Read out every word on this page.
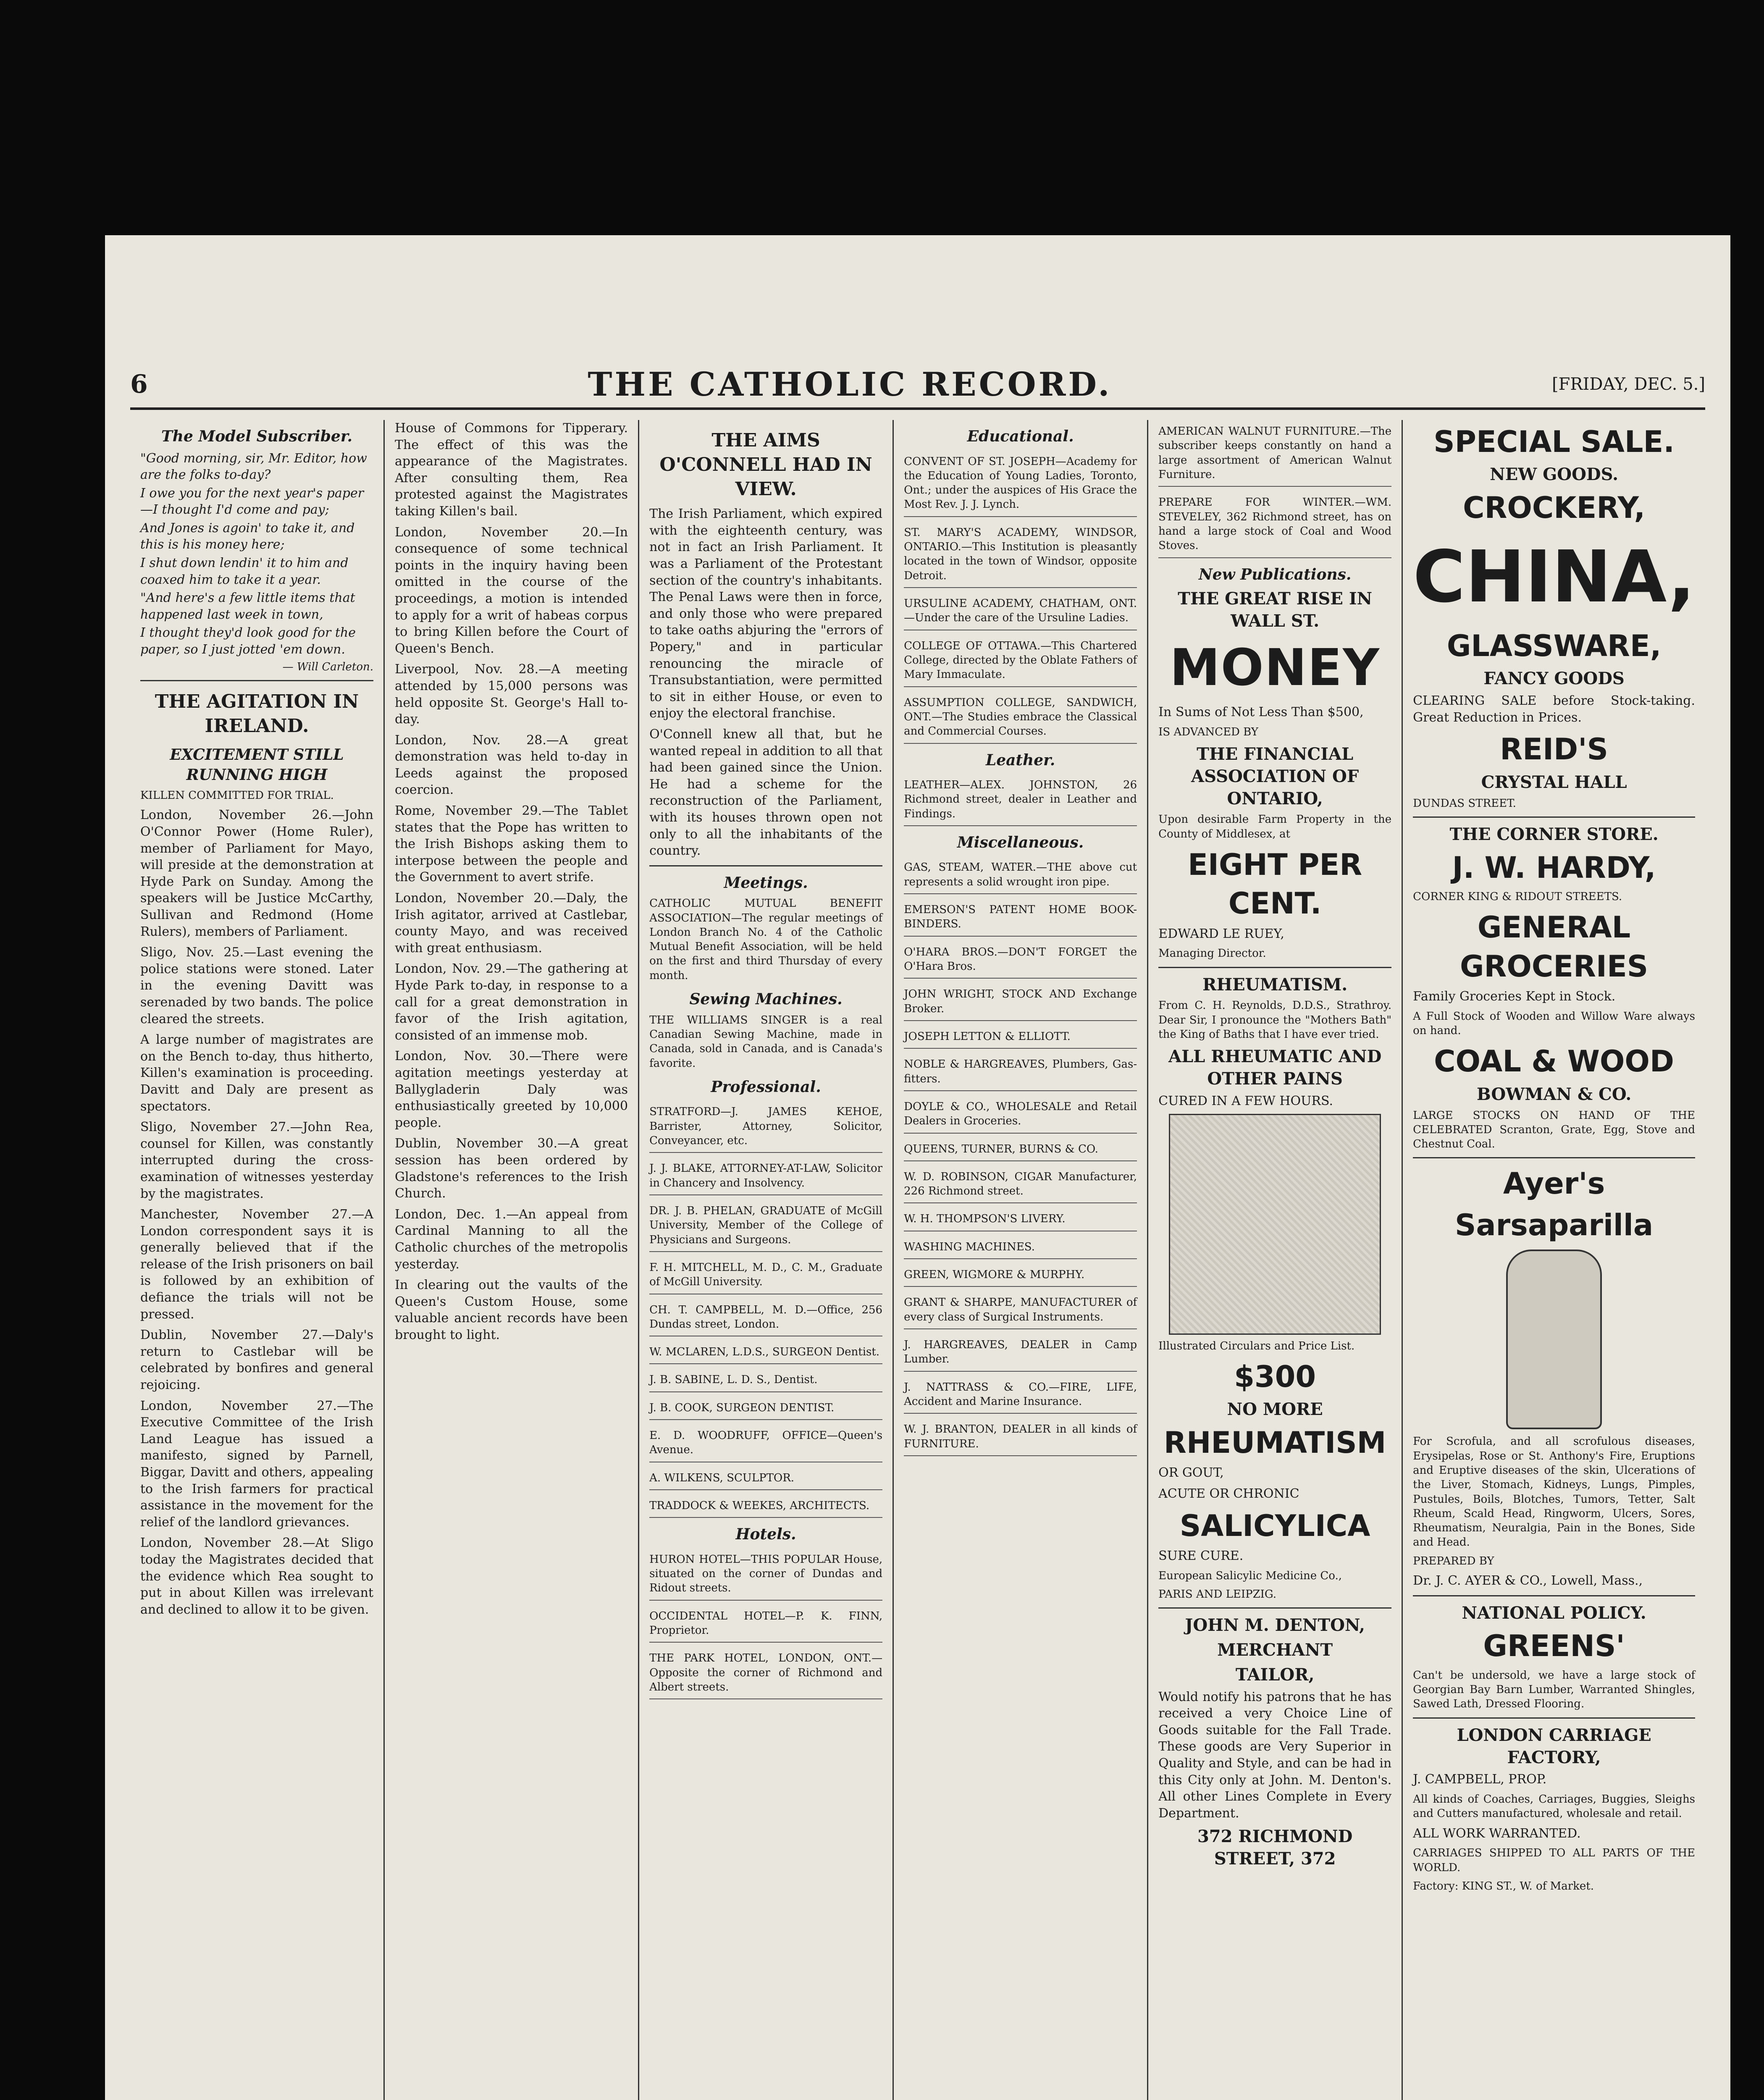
6	THE CATHOLIC RECORD.	[FRIDAY, DEC. 5.]
The Model Subscriber.

"Good morning, sir, Mr. Editor, how are the folks to-day?

I owe you for the next year's paper—I thought I'd come and pay;

And Jones is agoin' to take it, and this is his money here;

I shut down lendin' it to him and coaxed him to take it a year.

"And here's a few little items that happened last week in town,

I thought they'd look good for the paper, so I just jotted 'em down.

— Will Carleton.

THE AGITATION IN IRELAND.
EXCITEMENT STILL RUNNING HIGH

KILLEN COMMITTED FOR TRIAL.

London, November 26.—John O'Connor Power (Home Ruler), member of Parliament for Mayo, will preside at the demonstration at Hyde Park on Sunday. Among the speakers will be Justice McCarthy, Sullivan and Redmond (Home Rulers), members of Parliament.

Sligo, Nov. 25.—Last evening the police stations were stoned. Later in the evening Davitt was serenaded by two bands. The police cleared the streets.

A large number of magistrates are on the Bench to-day, thus hitherto, Killen's examination is proceeding. Davitt and Daly are present as spectators.

Sligo, November 27.—John Rea, counsel for Killen, was constantly interrupted during the cross-examination of witnesses yesterday by the magistrates.

Manchester, November 27.—A London correspondent says it is generally believed that if the release of the Irish prisoners on bail is followed by an exhibition of defiance the trials will not be pressed.

Dublin, November 27.—Daly's return to Castlebar will be celebrated by bonfires and general rejoicing.

London, November 27.—The Executive Committee of the Irish Land League has issued a manifesto, signed by Parnell, Biggar, Davitt and others, appealing to the Irish farmers for practical assistance in the movement for the relief of the landlord grievances.

London, November 28.—At Sligo today the Magistrates decided that the evidence which Rea sought to put in about Killen was irrelevant and declined to allow it to be given.

House of Commons for Tipperary. The effect of this was the appearance of the Magistrates. After consulting them, Rea protested against the Magistrates taking Killen's bail.

London, November 20.—In consequence of some technical points in the inquiry having been omitted in the course of the proceedings, a motion is intended to apply for a writ of habeas corpus to bring Killen before the Court of Queen's Bench.

Liverpool, Nov. 28.—A meeting attended by 15,000 persons was held opposite St. George's Hall to-day.

London, Nov. 28.—A great demonstration was held to-day in Leeds against the proposed coercion.

Rome, November 29.—The Tablet states that the Pope has written to the Irish Bishops asking them to interpose between the people and the Government to avert strife.

London, November 20.—Daly, the Irish agitator, arrived at Castlebar, county Mayo, and was received with great enthusiasm.

London, Nov. 29.—The gathering at Hyde Park to-day, in response to a call for a great demonstration in favor of the Irish agitation, consisted of an immense mob.

London, Nov. 30.—There were agitation meetings yesterday at Ballygladerin Daly was enthusiastically greeted by 10,000 people.

Dublin, November 30.—A great session has been ordered by Gladstone's references to the Irish Church.

London, Dec. 1.—An appeal from Cardinal Manning to all the Catholic churches of the metropolis yesterday.

In clearing out the vaults of the Queen's Custom House, some valuable ancient records have been brought to light.

THE AIMS O'CONNELL HAD IN VIEW.

The Irish Parliament, which expired with the eighteenth century, was not in fact an Irish Parliament. It was a Parliament of the Protestant section of the country's inhabitants. The Penal Laws were then in force, and only those who were prepared to take oaths abjuring the "errors of Popery," and in particular renouncing the miracle of Transubstantiation, were permitted to sit in either House, or even to enjoy the electoral franchise.

O'Connell knew all that, but he wanted repeal in addition to all that had been gained since the Union. He had a scheme for the reconstruction of the Parliament, with its houses thrown open not only to all the inhabitants of the country.

Meetings.

CATHOLIC MUTUAL BENEFIT ASSOCIATION—The regular meetings of London Branch No. 4 of the Catholic Mutual Benefit Association, will be held on the first and third Thursday of every month.

Sewing Machines.

THE WILLIAMS SINGER is a real Canadian Sewing Machine, made in Canada, sold in Canada, and is Canada's favorite.

Professional.

STRATFORD—J. JAMES KEHOE, Barrister, Attorney, Solicitor, Conveyancer, etc.

J. J. BLAKE, ATTORNEY-AT-LAW, Solicitor in Chancery and Insolvency.

DR. J. B. PHELAN, GRADUATE of McGill University, Member of the College of Physicians and Surgeons.

F. H. MITCHELL, M. D., C. M., Graduate of McGill University.

CH. T. CAMPBELL, M. D.—Office, 256 Dundas street, London.

W. MCLAREN, L.D.S., SURGEON Dentist.

J. B. SABINE, L. D. S., Dentist.

J. B. COOK, SURGEON DENTIST.

E. D. WOODRUFF, OFFICE—Queen's Avenue.

A. WILKENS, SCULPTOR.

TRADDOCK & WEEKES, ARCHITECTS.

Hotels.

HURON HOTEL—THIS POPULAR House, situated on the corner of Dundas and Ridout streets.

OCCIDENTAL HOTEL—P. K. FINN, Proprietor.

THE PARK HOTEL, LONDON, ONT.—Opposite the corner of Richmond and Albert streets.

Educational.

CONVENT OF ST. JOSEPH—Academy for the Education of Young Ladies, Toronto, Ont.; under the auspices of His Grace the Most Rev. J. J. Lynch.

ST. MARY'S ACADEMY, WINDSOR, ONTARIO.—This Institution is pleasantly located in the town of Windsor, opposite Detroit.

URSULINE ACADEMY, CHATHAM, ONT.—Under the care of the Ursuline Ladies.

COLLEGE OF OTTAWA.—This Chartered College, directed by the Oblate Fathers of Mary Immaculate.

ASSUMPTION COLLEGE, SANDWICH, ONT.—The Studies embrace the Classical and Commercial Courses.

Leather.

LEATHER—ALEX. JOHNSTON, 26 Richmond street, dealer in Leather and Findings.

Miscellaneous.

GAS, STEAM, WATER.—THE above cut represents a solid wrought iron pipe.

EMERSON'S PATENT HOME BOOK-BINDERS.

O'HARA BROS.—DON'T FORGET the O'Hara Bros.

JOHN WRIGHT, STOCK AND Exchange Broker.

JOSEPH LETTON & ELLIOTT.

NOBLE & HARGREAVES, Plumbers, Gas-fitters.

DOYLE & CO., WHOLESALE and Retail Dealers in Groceries.

QUEENS, TURNER, BURNS & CO.

W. D. ROBINSON, CIGAR Manufacturer, 226 Richmond street.

W. H. THOMPSON'S LIVERY.

WASHING MACHINES.

GREEN, WIGMORE & MURPHY.

GRANT & SHARPE, MANUFACTURER of every class of Surgical Instruments.

J. HARGREAVES, DEALER in Camp Lumber.

J. NATTRASS & CO.—FIRE, LIFE, Accident and Marine Insurance.

W. J. BRANTON, DEALER in all kinds of FURNITURE.

AMERICAN WALNUT FURNITURE.—The subscriber keeps constantly on hand a large assortment of American Walnut Furniture.

PREPARE FOR WINTER.—WM. STEVELEY, 362 Richmond street, has on hand a large stock of Coal and Wood Stoves.

New Publications.
THE GREAT RISE IN WALL ST.
MONEY

In Sums of Not Less Than $500,

IS ADVANCED BY

THE FINANCIAL ASSOCIATION OF ONTARIO,

Upon desirable Farm Property in the County of Middlesex, at

EIGHT PER CENT.

EDWARD LE RUEY,

Managing Director.

RHEUMATISM.

From C. H. Reynolds, D.D.S., Strathroy. Dear Sir, I pronounce the "Mothers Bath" the King of Baths that I have ever tried.

ALL RHEUMATIC AND OTHER PAINS

CURED IN A FEW HOURS.

Illustrated Circulars and Price List.

$300
NO MORE
RHEUMATISM

OR GOUT,

ACUTE OR CHRONIC

SALICYLICA

SURE CURE.

European Salicylic Medicine Co.,

PARIS AND LEIPZIG.

JOHN M. DENTON,
MERCHANT
TAILOR,

Would notify his patrons that he has received a very Choice Line of Goods suitable for the Fall Trade. These goods are Very Superior in Quality and Style, and can be had in this City only at John. M. Denton's. All other Lines Complete in Every Department.

372 RICHMOND STREET, 372
SPECIAL SALE.
NEW GOODS.
CROCKERY,
CHINA,
GLASSWARE,
FANCY GOODS

CLEARING SALE before Stock-taking. Great Reduction in Prices.

REID'S
CRYSTAL HALL

DUNDAS STREET.

THE CORNER STORE.
J. W. HARDY,

CORNER KING & RIDOUT STREETS.

GENERAL GROCERIES

Family Groceries Kept in Stock.

A Full Stock of Wooden and Willow Ware always on hand.

COAL & WOOD
BOWMAN & CO.

LARGE STOCKS ON HAND OF THE CELEBRATED Scranton, Grate, Egg, Stove and Chestnut Coal.

Ayer's
Sarsaparilla

For Scrofula, and all scrofulous diseases, Erysipelas, Rose or St. Anthony's Fire, Eruptions and Eruptive diseases of the skin, Ulcerations of the Liver, Stomach, Kidneys, Lungs, Pimples, Pustules, Boils, Blotches, Tumors, Tetter, Salt Rheum, Scald Head, Ringworm, Ulcers, Sores, Rheumatism, Neuralgia, Pain in the Bones, Side and Head.

PREPARED BY

Dr. J. C. AYER & CO., Lowell, Mass.,

NATIONAL POLICY.
GREENS'

Can't be undersold, we have a large stock of Georgian Bay Barn Lumber, Warranted Shingles, Sawed Lath, Dressed Flooring.

LONDON CARRIAGE FACTORY,

J. CAMPBELL, PROP.

All kinds of Coaches, Carriages, Buggies, Sleighs and Cutters manufactured, wholesale and retail.

ALL WORK WARRANTED.

CARRIAGES SHIPPED TO ALL PARTS OF THE WORLD.

Factory: KING ST., W. of Market.
